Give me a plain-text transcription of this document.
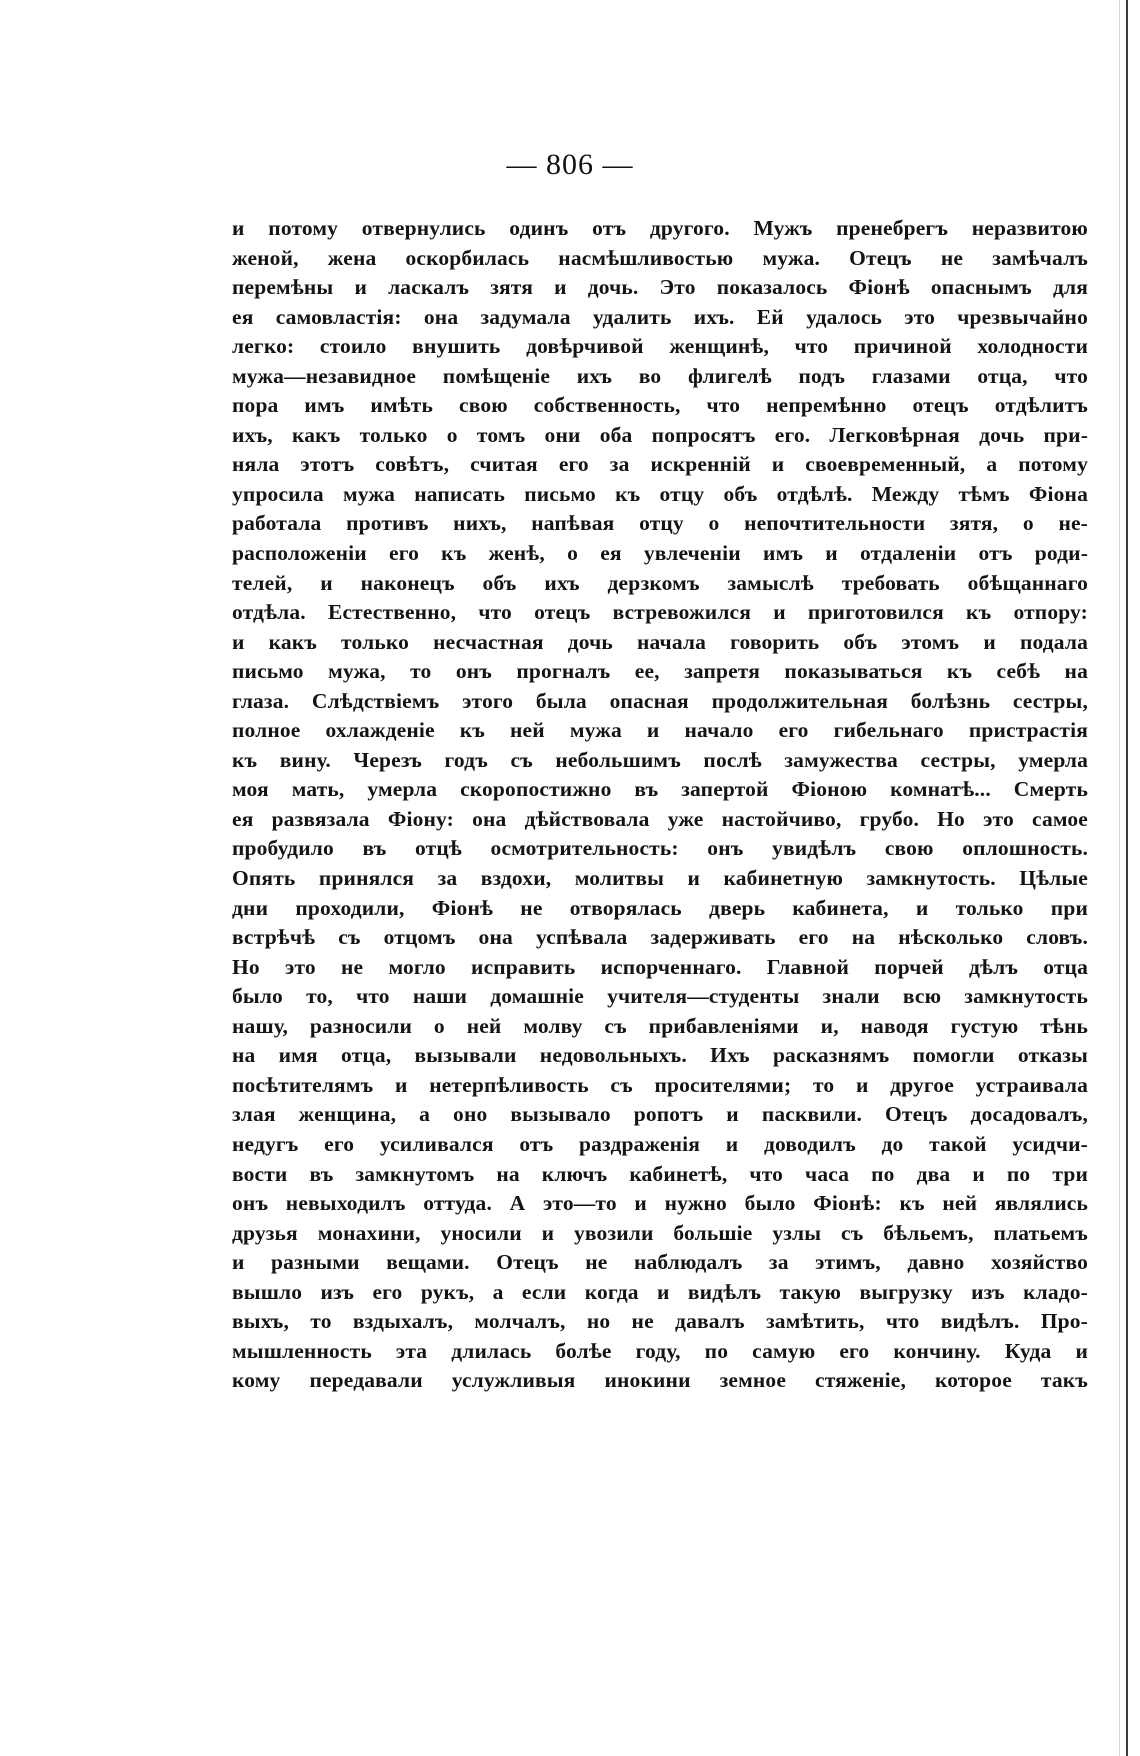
— 806 —
и потому отвернулись одинъ отъ другого. Мужъ пренебрегъ неразвитою
женой, жена оскорбилась насмѣшливостью мужа. Отецъ не замѣчалъ
перемѣны и ласкалъ зятя и дочь. Это показалось Фіонѣ опаснымъ для
ея самовластія: она задумала удалить ихъ. Ей удалось это чрезвычайно
легко: стоило внушить довѣрчивой женщинѣ, что причиной холодности
мужа—незавидное помѣщеніе ихъ во флигелѣ подъ глазами отца, что
пора имъ имѣть свою собственность, что непремѣнно отецъ отдѣлитъ
ихъ, какъ только о томъ они оба попросятъ его. Легковѣрная дочь при-
няла этотъ совѣтъ, считая его за искренній и своевременный, а потому
упросила мужа написать письмо къ отцу объ отдѣлѣ. Между тѣмъ Фіона
работала противъ нихъ, напѣвая отцу о непочтительности зятя, о не-
расположеніи его къ женѣ, о ея увлеченіи имъ и отдаленіи отъ роди-
телей, и наконецъ объ ихъ дерзкомъ замыслѣ требовать обѣщаннаго
отдѣла. Естественно, что отецъ встревожился и приготовился къ отпору:
и какъ только несчастная дочь начала говорить объ этомъ и подала
письмо мужа, то онъ прогналъ ее, запретя показываться къ себѣ на
глаза. Слѣдствіемъ этого была опасная продолжительная болѣзнь сестры,
полное охлажденіе къ ней мужа и начало его гибельнаго пристрастія
къ вину. Черезъ годъ съ небольшимъ послѣ замужества сестры, умерла
моя мать, умерла скоропостижно въ запертой Фіоною комнатѣ... Смерть
ея развязала Фіону: она дѣйствовала уже настойчиво, грубо. Но это самое
пробудило въ отцѣ осмотрительность: онъ увидѣлъ свою оплошность.
Опять принялся за вздохи, молитвы и кабинетную замкнутость. Цѣлые
дни проходили, Фіонѣ не отворялась дверь кабинета, и только при
встрѣчѣ съ отцомъ она успѣвала задерживать его на нѣсколько словъ.
Но это не могло исправить испорченнаго. Главной порчей дѣлъ отца
было то, что наши домашніе учителя—студенты знали всю замкнутость
нашу, разносили о ней молву съ прибавленіями и, наводя густую тѣнь
на имя отца, вызывали недовольныхъ. Ихъ расказнямъ помогли отказы
посѣтителямъ и нетерпѣливость съ просителями; то и другое устраивала
злая женщина, а оно вызывало ропотъ и пасквили. Отецъ досадовалъ,
недугъ его усиливался отъ раздраженія и доводилъ до такой усидчи-
вости въ замкнутомъ на ключъ кабинетѣ, что часа по два и по три
онъ невыходилъ оттуда. А это—то и нужно было Фіонѣ: къ ней являлись
друзья монахини, уносили и увозили большіе узлы съ бѣльемъ, платьемъ
и разными вещами. Отецъ не наблюдалъ за этимъ, давно хозяйство
вышло изъ его рукъ, а если когда и видѣлъ такую выгрузку изъ кладо-
выхъ, то вздыхалъ, молчалъ, но не давалъ замѣтить, что видѣлъ. Про-
мышленность эта длилась болѣе году, по самую его кончину. Куда и
кому передавали услужливыя инокини земное стяженіе, которое такъ
